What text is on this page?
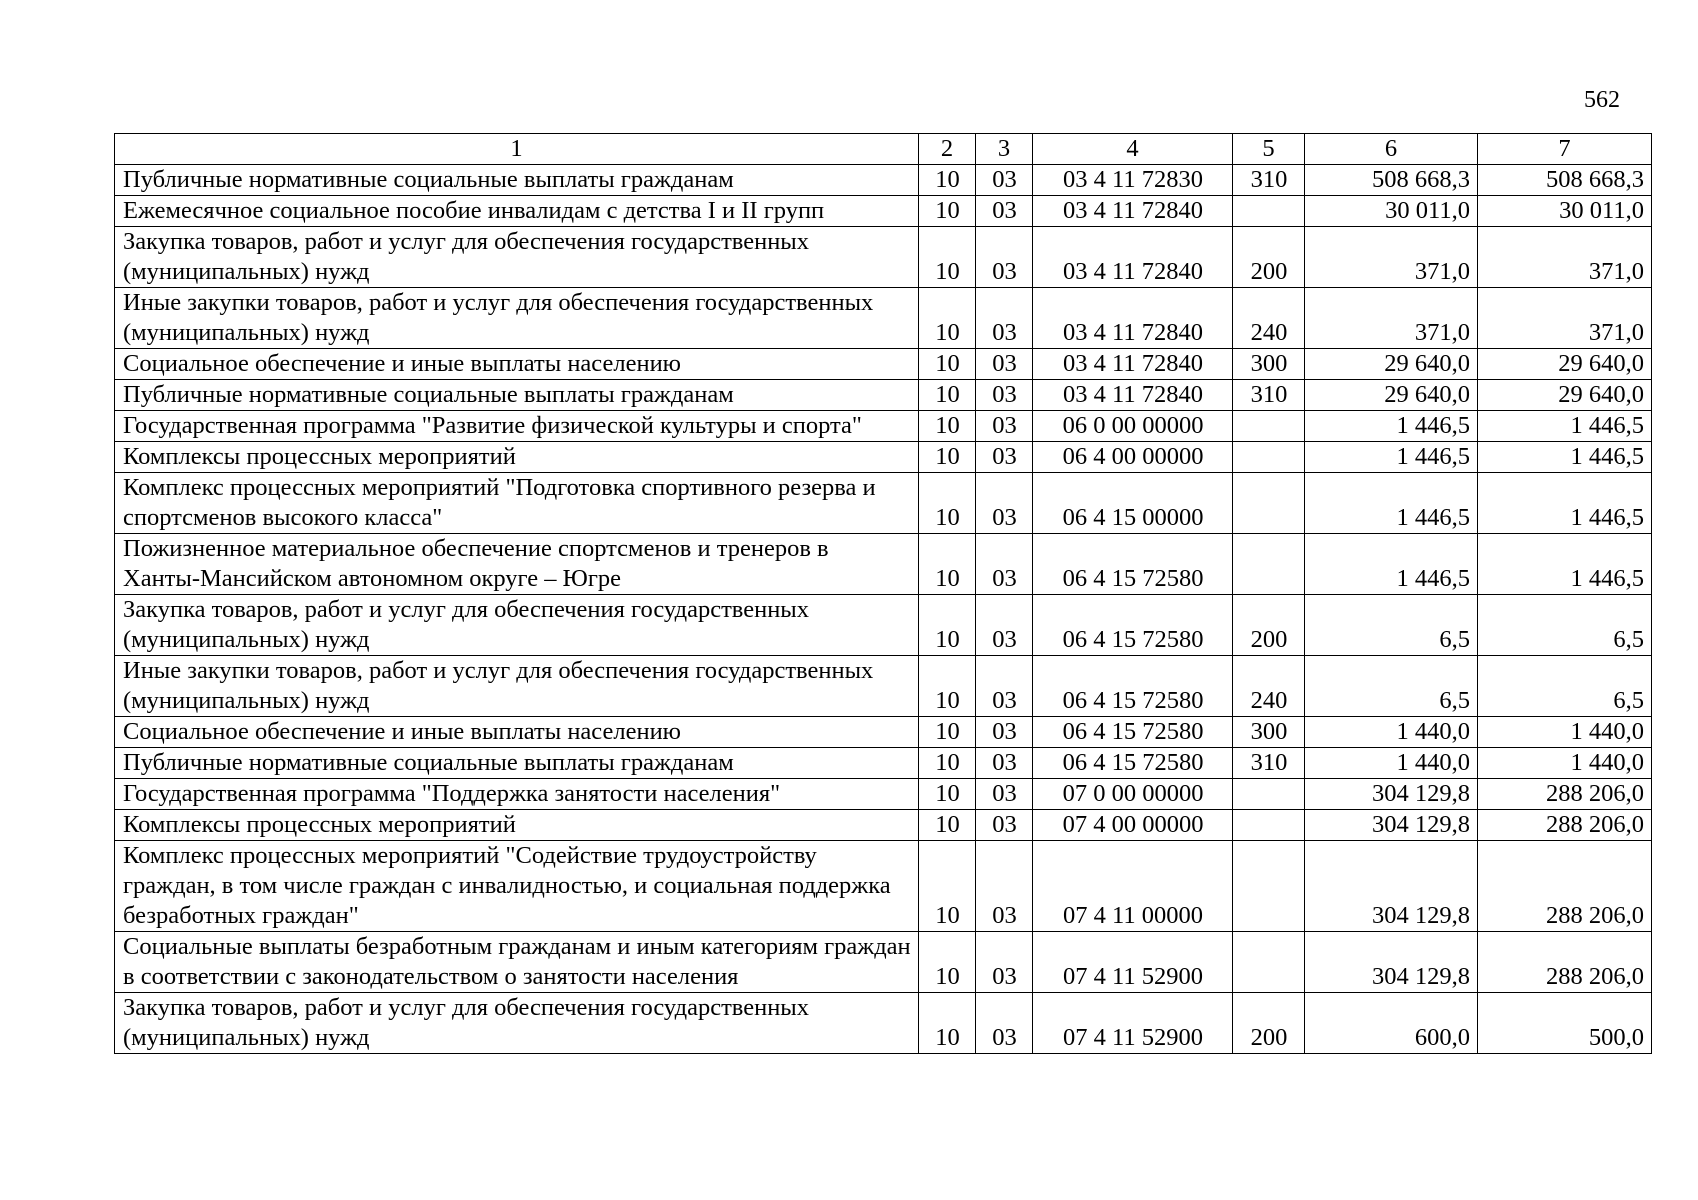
562
1	2	3	4	5	6	7
Публичные нормативные социальные выплаты гражданам	10	03	03 4 11 72830	310	508 668,3	508 668,3
Ежемесячное социальное пособие инвалидам с детства I и II групп	10	03	03 4 11 72840		30 011,0	30 011,0
Закупка товаров, работ и услуг для обеспечения государственных (муниципальных) нужд	10	03	03 4 11 72840	200	371,0	371,0
Иные закупки товаров, работ и услуг для обеспечения государственных (муниципальных) нужд	10	03	03 4 11 72840	240	371,0	371,0
Социальное обеспечение и иные выплаты населению	10	03	03 4 11 72840	300	29 640,0	29 640,0
Публичные нормативные социальные выплаты гражданам	10	03	03 4 11 72840	310	29 640,0	29 640,0
Государственная программа "Развитие физической культуры и спорта"	10	03	06 0 00 00000		1 446,5	1 446,5
Комплексы процессных мероприятий	10	03	06 4 00 00000		1 446,5	1 446,5
Комплекс процессных мероприятий "Подготовка спортивного резерва и спортсменов высокого класса"	10	03	06 4 15 00000		1 446,5	1 446,5
Пожизненное материальное обеспечение спортсменов и тренеров в Ханты-Мансийском автономном округе – Югре	10	03	06 4 15 72580		1 446,5	1 446,5
Закупка товаров, работ и услуг для обеспечения государственных (муниципальных) нужд	10	03	06 4 15 72580	200	6,5	6,5
Иные закупки товаров, работ и услуг для обеспечения государственных (муниципальных) нужд	10	03	06 4 15 72580	240	6,5	6,5
Социальное обеспечение и иные выплаты населению	10	03	06 4 15 72580	300	1 440,0	1 440,0
Публичные нормативные социальные выплаты гражданам	10	03	06 4 15 72580	310	1 440,0	1 440,0
Государственная программа "Поддержка занятости населения"	10	03	07 0 00 00000		304 129,8	288 206,0
Комплексы процессных мероприятий	10	03	07 4 00 00000		304 129,8	288 206,0
Комплекс процессных мероприятий "Содействие трудоустройству граждан, в том числе граждан с инвалидностью, и социальная поддержка безработных граждан"	10	03	07 4 11 00000		304 129,8	288 206,0
Социальные выплаты безработным гражданам и иным категориям граждан в соответствии с законодательством о занятости населения	10	03	07 4 11 52900		304 129,8	288 206,0
Закупка товаров, работ и услуг для обеспечения государственных (муниципальных) нужд	10	03	07 4 11 52900	200	600,0	500,0
